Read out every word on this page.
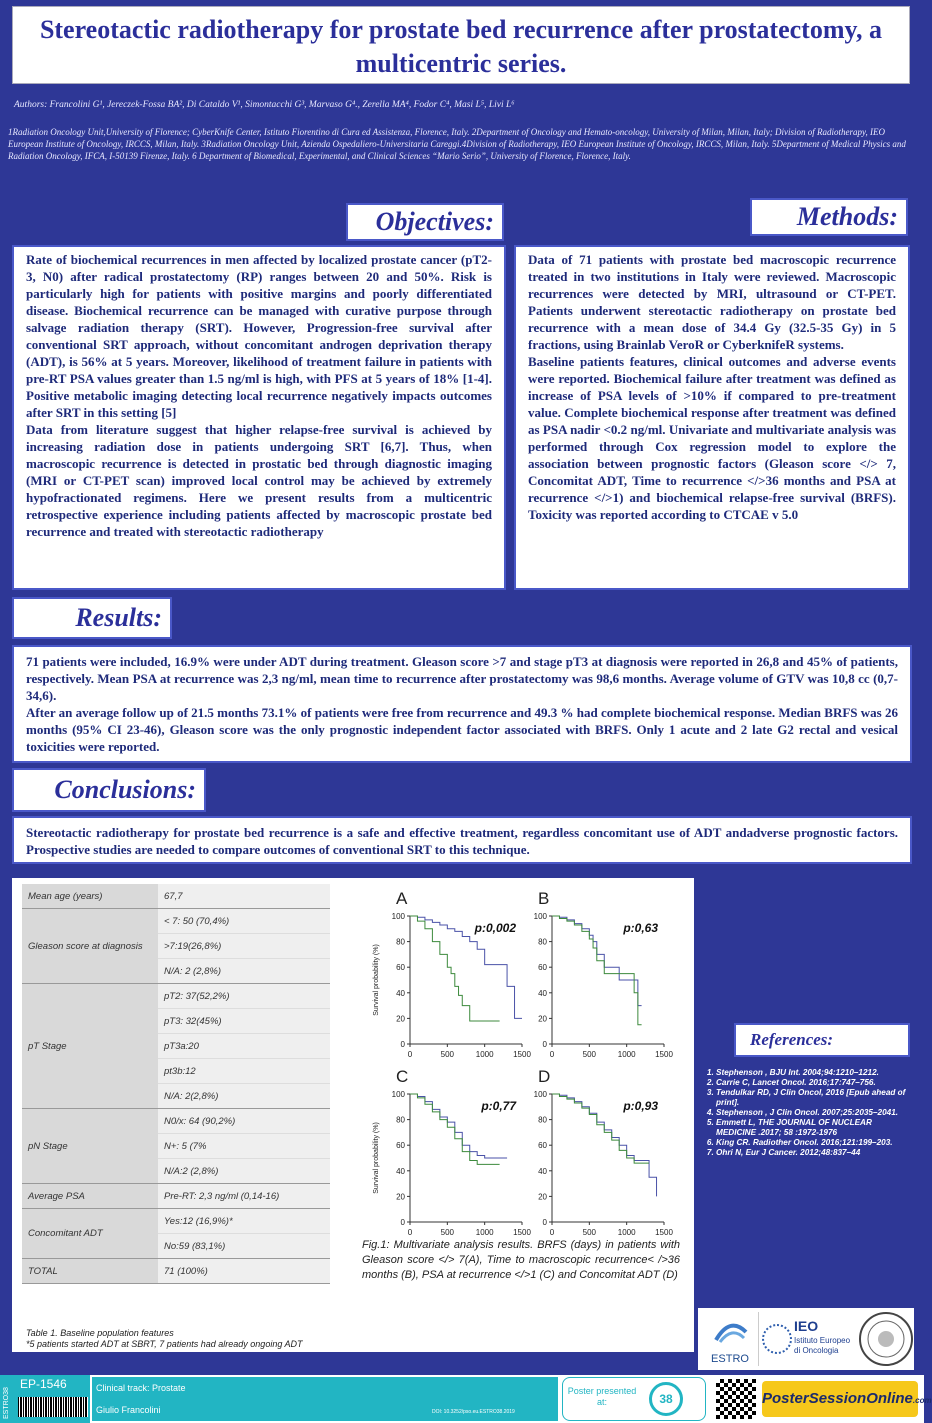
Stereotactic radiotherapy for prostate bed recurrence after prostatectomy, a multicentric series.
Authors: Francolini G¹, Jereczek-Fossa BA², Di Cataldo V¹, Simontacchi G³, Marvaso G⁴., Zerella MA⁴, Fodor C⁴, Masi L⁵, Livi L⁶
1Radiation Oncology Unit,University of Florence; CyberKnife Center, Istituto Fiorentino di Cura ed Assistenza, Florence, Italy. 2Department of Oncology and Hemato-oncology, University of Milan, Milan, Italy; Division of Radiotherapy, IEO European Institute of Oncology, IRCCS, Milan, Italy. 3Radiation Oncology Unit, Azienda Ospedaliero-Universitaria Careggi.4Division of Radiotherapy, IEO European Institute of Oncology, IRCCS, Milan, Italy. 5Department of Medical Physics and Radiation Oncology, IFCA, I-50139 Firenze, Italy. 6 Department of Biomedical, Experimental, and Clinical Sciences “Mario Serio”, University of Florence, Florence, Italy.
Objectives:

Rate of biochemical recurrences in men affected by localized prostate cancer (pT2-3, N0) after radical prostatectomy (RP) ranges between 20 and 50%. Risk is particularly high for patients with positive margins and poorly differentiated disease. Biochemical recurrence can be managed with curative purpose through salvage radiation therapy (SRT). However, Progression-free survival after conventional SRT approach, without concomitant androgen deprivation therapy (ADT), is 56% at 5 years. Moreover, likelihood of treatment failure in patients with pre-RT PSA values greater than 1.5 ng/ml is high, with PFS at 5 years of 18% [1-4]. Positive metabolic imaging detecting local recurrence negatively impacts outcomes after SRT in this setting [5]

Data from literature suggest that higher relapse-free survival is achieved by increasing radiation dose in patients undergoing SRT [6,7]. Thus, when macroscopic recurrence is detected in prostatic bed through diagnostic imaging (MRI or CT-PET scan) improved local control may be achieved by extremely hypofractionated regimens. Here we present results from a multicentric retrospective experience including patients affected by macroscopic prostate bed recurrence and treated with stereotactic radiotherapy

Methods:

Data of 71 patients with prostate bed macroscopic recurrence treated in two institutions in Italy were reviewed. Macroscopic recurrences were detected by MRI, ultrasound or CT-PET. Patients underwent stereotactic radiotherapy on prostate bed recurrence with a mean dose of 34.4 Gy (32.5-35 Gy) in 5 fractions, using Brainlab VeroR or CyberknifeR systems.

Baseline patients features, clinical outcomes and adverse events were reported. Biochemical failure after treatment was defined as increase of PSA levels of >10% if compared to pre-treatment value. Complete biochemical response after treatment was defined as PSA nadir <0.2 ng/ml. Univariate and multivariate analysis was performed through Cox regression model to explore the association between prognostic factors (Gleason score </> 7, Concomitat ADT, Time to recurrence </>36 months and PSA at recurrence </>1) and biochemical relapse-free survival (BRFS). Toxicity was reported according to CTCAE v 5.0

Results:

71 patients were included, 16.9% were under ADT during treatment. Gleason score >7 and stage pT3 at diagnosis were reported in 26,8 and 45% of patients, respectively. Mean PSA at recurrence was 2,3 ng/ml, mean time to recurrence after prostatectomy was 98,6 months. Average volume of GTV was 10,8 cc (0,7-34,6).

After an average follow up of 21.5 months 73.1% of patients were free from recurrence and 49.3 % had complete biochemical response. Median BRFS was 26 months (95% CI 23-46), Gleason score was the only prognostic independent factor associated with BRFS. Only 1 acute and 2 late G2 rectal and vesical toxicities were reported.

Conclusions:

Stereotactic radiotherapy for prostate bed recurrence is a safe and effective treatment, regardless concomitant use of ADT andadverse prognostic factors. Prospective studies are needed to compare outcomes of conventional SRT to this technique.

Mean age (years)	67,7
Gleason score at diagnosis	< 7: 50 (70,4%)
	>7:19(26,8%)
	N/A: 2 (2,8%)
pT Stage	pT2: 37(52,2%)
	pT3: 32(45%)
	pT3a:20
	pt3b:12
	N/A: 2(2,8%)
pN Stage	N0/x: 64 (90,2%)
	N+: 5 (7%
	N/A:2 (2,8%)
Average PSA	Pre-RT: 2,3 ng/ml (0,14-16)
Concomitant ADT	Yes:12 (16,9%)*
	No:59 (83,1%)
TOTAL	71 (100%)
Table 1. Baseline population features
*5 patients started ADT at SBRT, 7 patients had already ongoing ADT
A
0
20
40
60
80
100
0	500	1000 1500
Survival probability (%)
p:0,002
B
0
20
40
60
80
100
0	500	1000 1500
p:0,63
C
0
20
40
60
80
100
0	500	1000 1500
Survival probability (%)
p:0,77
D
0
20
40
60
80
100
0	500	1000 1500
p:0,93
Fig.1: Multivariate analysis results. BRFS (days) in patients with Gleason score </> 7(A), Time to macroscopic recurrence< />36 months (B), PSA at recurrence </>1 (C) and Concomitat ADT (D)
References:
1. Stephenson , BJU Int. 2004;94:1210–1212.
2. Carrie C, Lancet Oncol. 2016;17:747–756.
3. Tendulkar RD, J Clin Oncol, 2016 [Epub ahead of print].
4. Stephenson , J Clin Oncol. 2007;25:2035–2041.
5. Emmett L, THE JOURNAL OF NUCLEAR MEDICINE .2017; 58 :1972-1976
6. King CR. Radiother Oncol. 2016;121:199–203.
7. Ohri N, Eur J Cancer. 2012;48:837–44
ESTRO
IEO
Istituto Europeo
di Oncologia
ESTRO38
EP-1546	Clinical track: Prostate
Giulio Francolini	DOI: 10.3252/pso.eu.ESTRO38.2019
Poster presented at:	38	PosterSessionOnline.com
